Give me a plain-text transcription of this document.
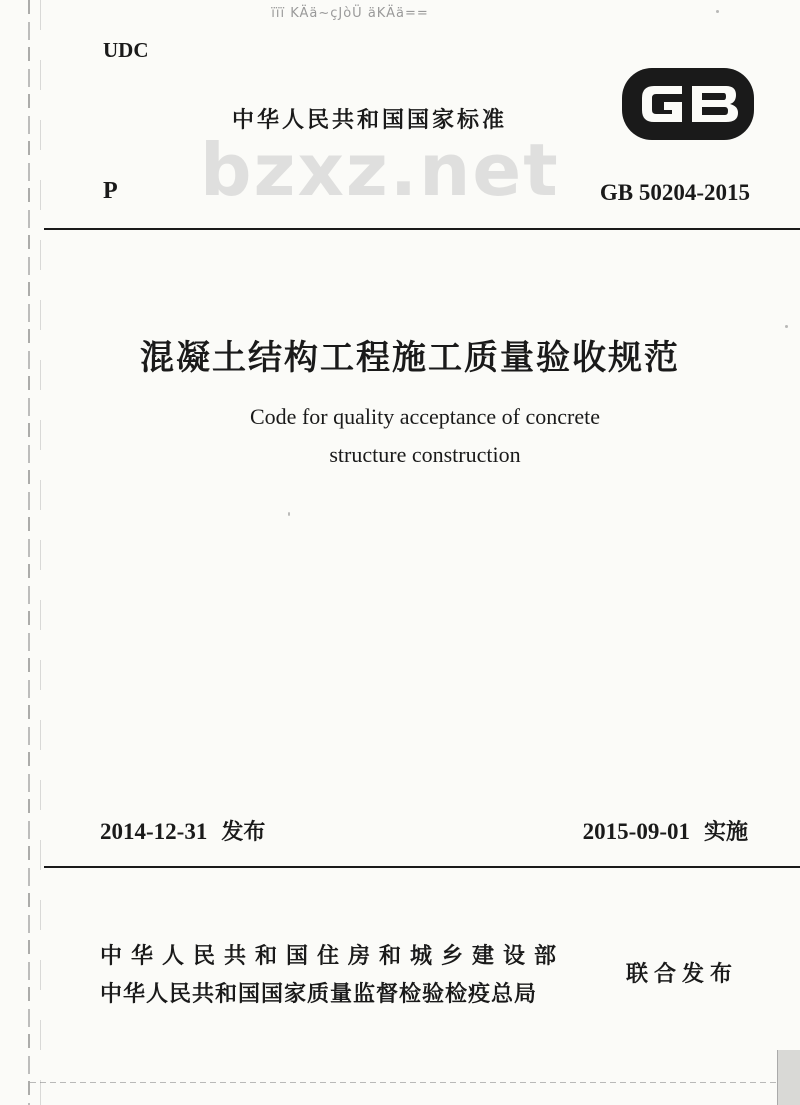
ïïï KÄä~çJòÜ äKÄä==
UDC
中华人民共和国国家标准
bzxz.net
P	GB 50204-2015
混凝土结构工程施工质量验收规范
Code for quality acceptance of concrete
structure construction
2014-12-31 发布	2015-09-01 实施
中华人民共和国住房和城乡建设部
中华人民共和国国家质量监督检验检疫总局
联合发布
